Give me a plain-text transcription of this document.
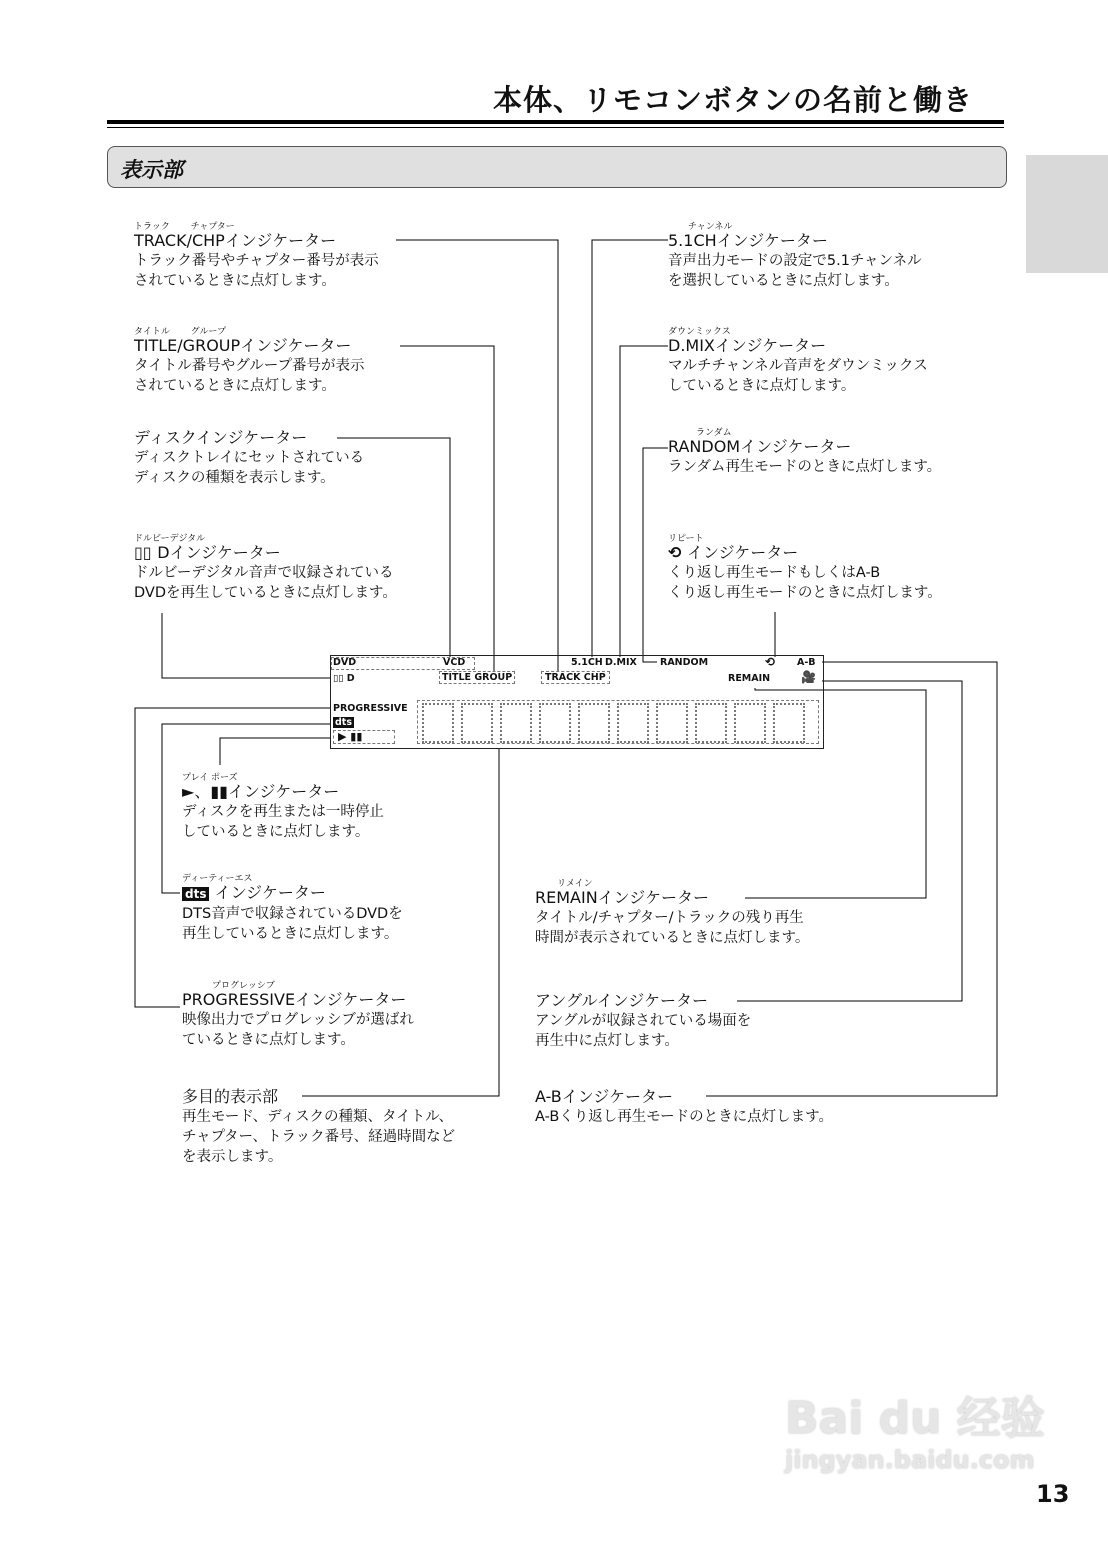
本体、リモコンボタンの名前と働き
表示部
トラック　　 チャプター
TRACK/CHPインジケーター
トラック番号やチャプター番号が表示
されているときに点灯します。
タイトル　　 グループ
TITLE/GROUPインジケーター
タイトル番号やグループ番号が表示
されているときに点灯します。
ディスクインジケーター
ディスクトレイにセットされている
ディスクの種類を表示します。
ドルビーデジタル
▯▯ Dインジケーター
ドルビーデジタル音声で収録されている
DVDを再生しているときに点灯します。
チャンネル
5.1CHインジケーター
音声出力モードの設定で5.1チャンネル
を選択しているときに点灯します。
ダウンミックス
D.MIXインジケーター
マルチチャンネル音声をダウンミックス
しているときに点灯します。
ランダム
RANDOMインジケーター
ランダム再生モードのときに点灯します。
リピート
⟲ インジケーター
くり返し再生モードもしくはA-B
くり返し再生モードのときに点灯します。
プレイ ポーズ
►、▮▮インジケーター
ディスクを再生または一時停止
しているときに点灯します。
ディーティーエス
dts インジケーター
DTS音声で収録されているDVDを
再生しているときに点灯します。
プログレッシブ
PROGRESSIVEインジケーター
映像出力でプログレッシブが選ばれ
ているときに点灯します。
多目的表示部
再生モード、ディスクの種類、タイトル、
チャプター、トラック番号、経過時間など
を表示します。
リメイン
REMAINインジケーター
タイトル/チャプター/トラックの残り再生
時間が表示されているときに点灯します。
アングルインジケーター
アングルが収録されている場面を
再生中に点灯します。
A-Bインジケーター
A-Bくり返し再生モードのときに点灯します。
DVD	VCD
▯▯ D	TITLE GROUP	TRACK CHP
5.1CH D.MIX RANDOM	⟲ A-B
REMAIN	🎥
PROGRESSIVE
dts
▶ ▮▮
Bai du 经验
jingyan.baidu.com
13
